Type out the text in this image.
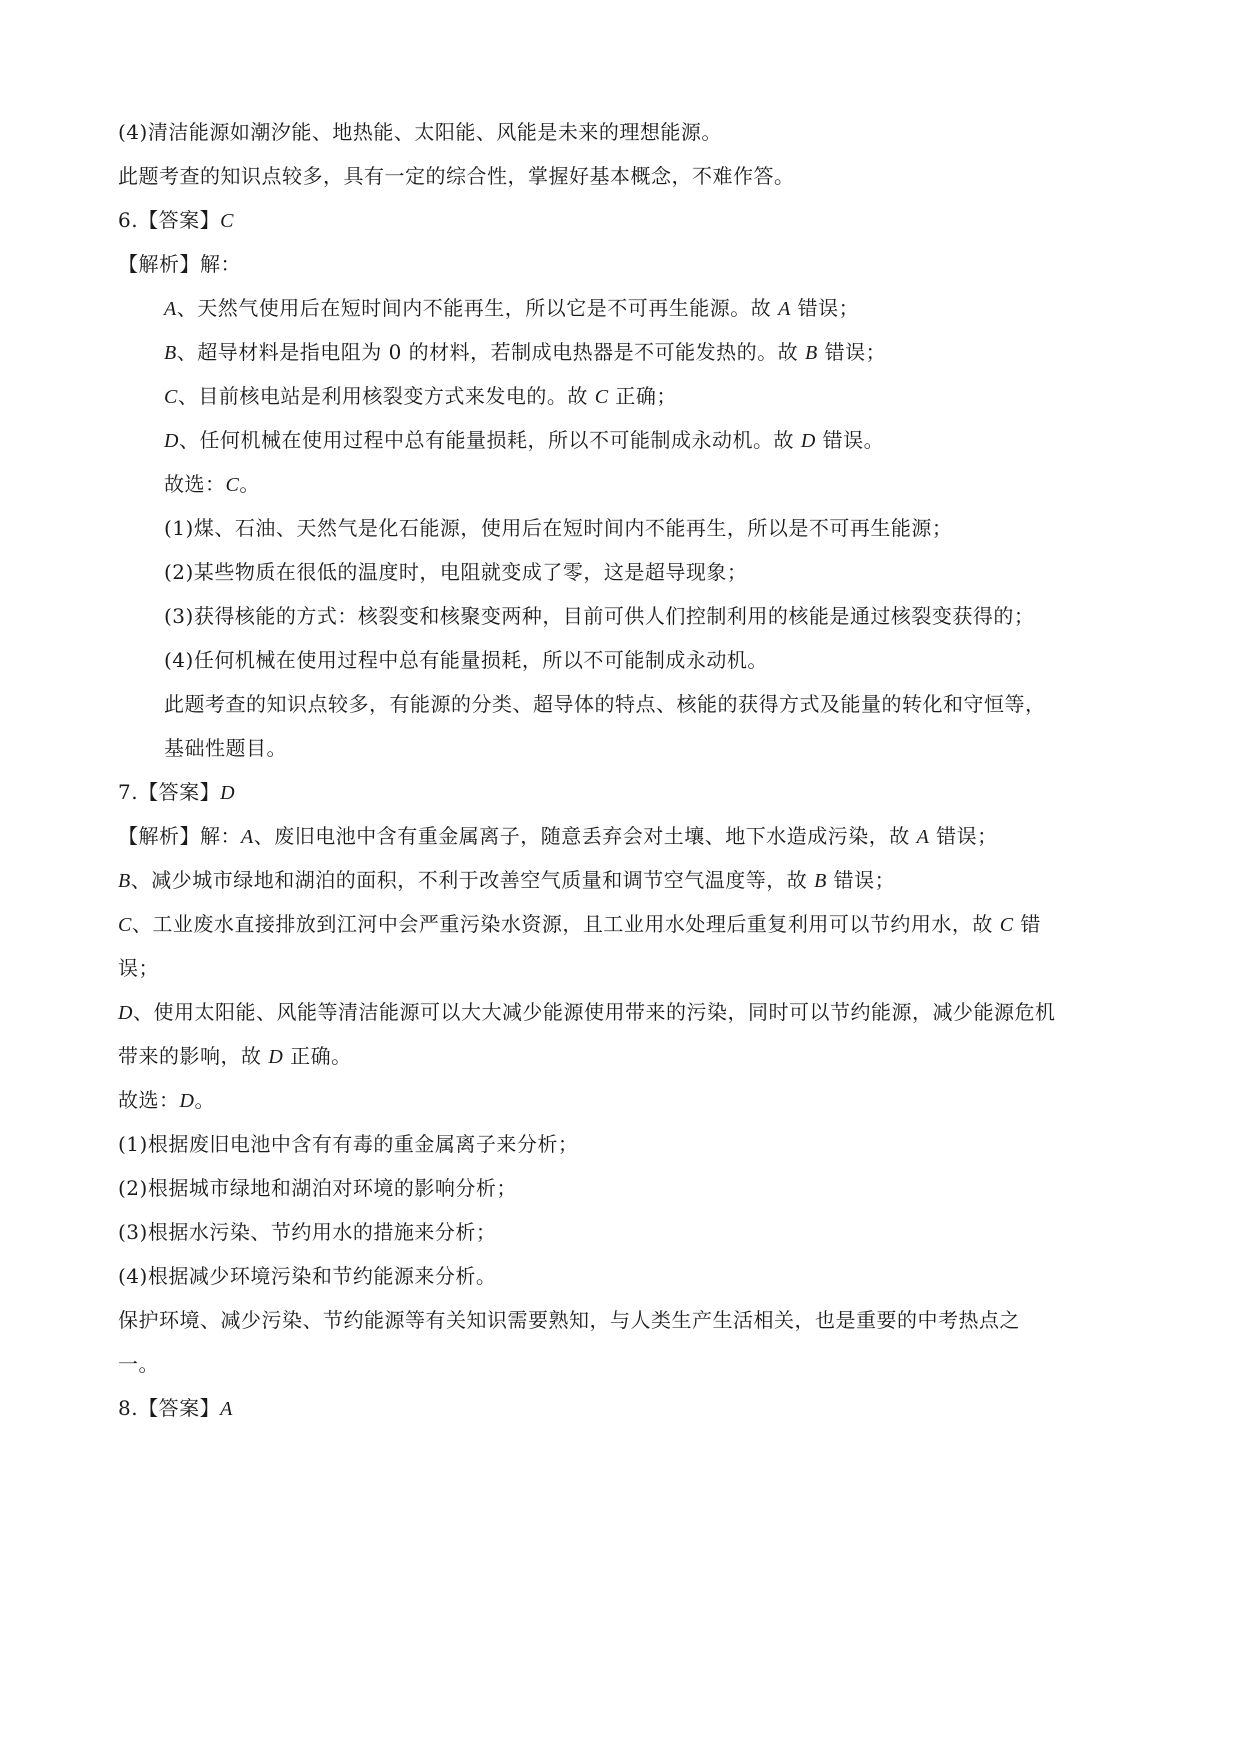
(4)清洁能源如潮汐能、地热能、太阳能、风能是未来的理想能源。

此题考查的知识点较多，具有一定的综合性，掌握好基本概念，不难作答。

6.【答案】C

【解析】解：

A、天然气使用后在短时间内不能再生，所以它是不可再生能源。故 A 错误；

B、超导材料是指电阻为 0 的材料，若制成电热器是不可能发热的。故 B 错误；

C、目前核电站是利用核裂变方式来发电的。故 C 正确；

D、任何机械在使用过程中总有能量损耗，所以不可能制成永动机。故 D 错误。

故选：C。

(1)煤、石油、天然气是化石能源，使用后在短时间内不能再生，所以是不可再生能源；

(2)某些物质在很低的温度时，电阻就变成了零，这是超导现象；

(3)获得核能的方式：核裂变和核聚变两种，目前可供人们控制利用的核能是通过核裂变获得的；

(4)任何机械在使用过程中总有能量损耗，所以不可能制成永动机。

此题考查的知识点较多，有能源的分类、超导体的特点、核能的获得方式及能量的转化和守恒等，

基础性题目。

7.【答案】D

【解析】解：A、废旧电池中含有重金属离子，随意丢弃会对土壤、地下水造成污染，故 A 错误；

B、减少城市绿地和湖泊的面积，不利于改善空气质量和调节空气温度等，故 B 错误；

C、工业废水直接排放到江河中会严重污染水资源，且工业用水处理后重复利用可以节约用水，故 C 错

误；

D、使用太阳能、风能等清洁能源可以大大减少能源使用带来的污染，同时可以节约能源，减少能源危机

带来的影响，故 D 正确。

故选：D。

(1)根据废旧电池中含有有毒的重金属离子来分析；

(2)根据城市绿地和湖泊对环境的影响分析；

(3)根据水污染、节约用水的措施来分析；

(4)根据减少环境污染和节约能源来分析。

保护环境、减少污染、节约能源等有关知识需要熟知，与人类生产生活相关，也是重要的中考热点之

一。

8.【答案】A
